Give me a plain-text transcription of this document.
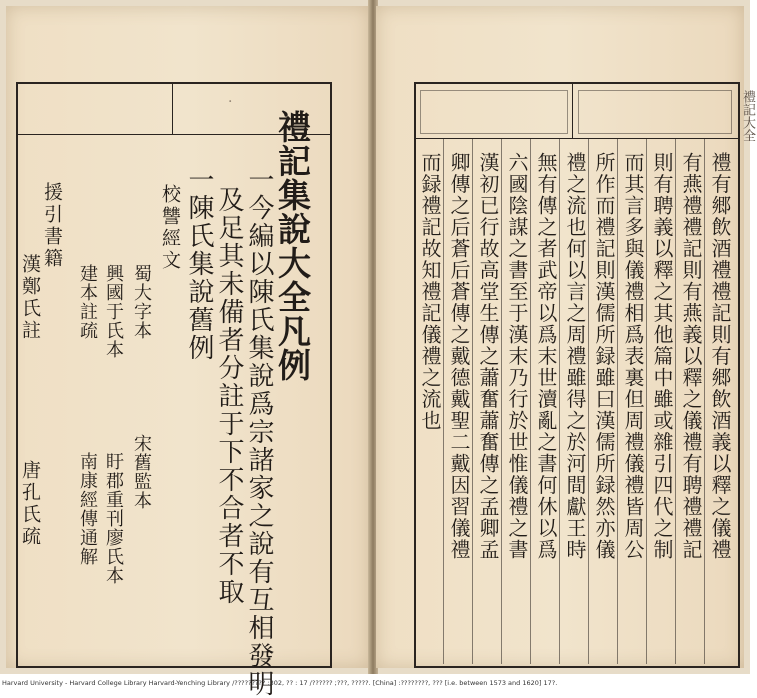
禮記集說大全凡例
一今編以陳氏集說爲宗諸家之說有互相發明
及足其未備者分註于下不合者不取
一陳氏集說舊例
校讐經文
蜀大字本
宋舊監本
興國于氏本
盱郡重刊廖氏本
建本註疏
南康經傳通解
援引書籍
漢鄭氏註
唐孔氏疏
·
禮有郷飲酒禮禮記則有郷飲酒義以釋之儀禮
有燕禮禮記則有燕義以釋之儀禮有聘禮禮記
則有聘義以釋之其他篇中雖或雜引四代之制
而其言多與儀禮相爲表裏但周禮儀禮皆周公
所作而禮記則漢儒所録雖曰漢儒所録然亦儀
禮之流也何以言之周禮雖得之於河間獻王時
無有傳之者武帝以爲末世瀆亂之書何休以爲
六國陰謀之書至于漢末乃行於世惟儀禮之書
漢初已行故高堂生傳之蕭奮蕭奮傳之孟卿孟
卿傳之后蒼后蒼傳之戴德戴聖二戴因習儀禮
而録禮記故知禮記儀禮之流也
禮記大全
Harvard University - Harvard College Library Harvard-Yenching Library /????????? :302, ?? : 17 /?????? ;???, ?????. [China] :????????, ??? [i.e. between 1573 and 1620] 17?.
